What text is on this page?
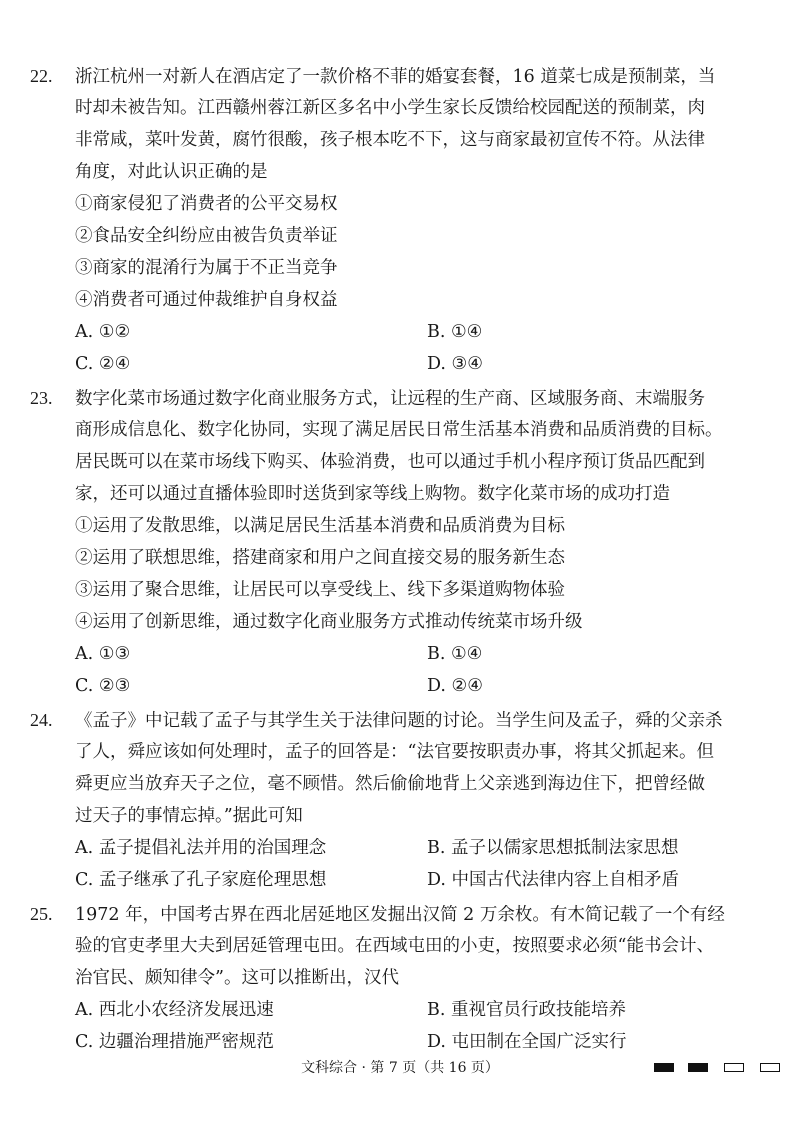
22. 浙江杭州一对新人在酒店定了一款价格不菲的婚宴套餐，16 道菜七成是预制菜，当
时却未被告知。江西赣州蓉江新区多名中小学生家长反馈给校园配送的预制菜，肉
非常咸，菜叶发黄，腐竹很酸，孩子根本吃不下，这与商家最初宣传不符。从法律
角度，对此认识正确的是
①商家侵犯了消费者的公平交易权
②食品安全纠纷应由被告负责举证
③商家的混淆行为属于不正当竞争
④消费者可通过仲裁维护自身权益
A. ①②	B. ①④
C. ②④	D. ③④
23. 数字化菜市场通过数字化商业服务方式，让远程的生产商、区域服务商、末端服务
商形成信息化、数字化协同，实现了满足居民日常生活基本消费和品质消费的目标。
居民既可以在菜市场线下购买、体验消费，也可以通过手机小程序预订货品匹配到
家，还可以通过直播体验即时送货到家等线上购物。数字化菜市场的成功打造
①运用了发散思维，以满足居民生活基本消费和品质消费为目标
②运用了联想思维，搭建商家和用户之间直接交易的服务新生态
③运用了聚合思维，让居民可以享受线上、线下多渠道购物体验
④运用了创新思维，通过数字化商业服务方式推动传统菜市场升级
A. ①③	B. ①④
C. ②③	D. ②④
24. 《孟子》中记载了孟子与其学生关于法律问题的讨论。当学生问及孟子，舜的父亲杀
了人，舜应该如何处理时，孟子的回答是：“法官要按职责办事，将其父抓起来。但
舜更应当放弃天子之位，毫不顾惜。然后偷偷地背上父亲逃到海边住下，把曾经做
过天子的事情忘掉。”据此可知
A. 孟子提倡礼法并用的治国理念	B. 孟子以儒家思想抵制法家思想
C. 孟子继承了孔子家庭伦理思想	D. 中国古代法律内容上自相矛盾
25. 1972 年，中国考古界在西北居延地区发掘出汉简 2 万余枚。有木简记载了一个有经
验的官吏孝里大夫到居延管理屯田。在西域屯田的小吏，按照要求必须“能书会计、
治官民、颇知律令”。这可以推断出，汉代
A. 西北小农经济发展迅速	B. 重视官员行政技能培养
C. 边疆治理措施严密规范	D. 屯田制在全国广泛实行
文科综合 · 第 7 页（共 16 页）
